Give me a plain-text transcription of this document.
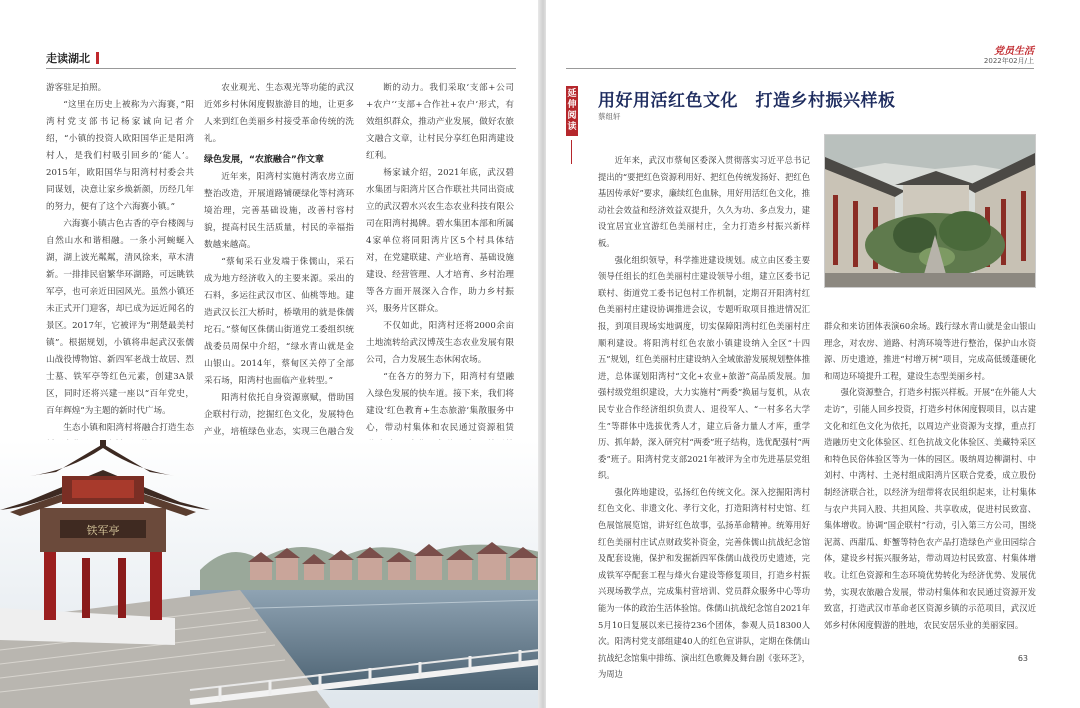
走读湖北

游客驻足拍照。

“这里在历史上被称为六海赛，”阳湾村党支部书记杨家诚向记者介绍，“小镇的投资人欧阳国华正是阳湾村人，是我们村吸引回乡的‘能人’。2015年，欧阳国华与阳湾村村委会共同谋划，决意让家乡焕新颜，历经几年的努力，便有了这个六海赛小镇。”

六海赛小镇古色古香的亭台楼阁与自然山水和谐相融。一条小河蜿蜒入湖，湖上波光粼粼，清风徐来，草木清新。一排排民宿繁华环湖路，可远眺铁军亭，也可亲近田园风光。虽然小镇还未正式开门迎客，却已成为远近闻名的景区。2017年，它被评为“荆楚最美村镇”。根据规划，小镇将串起武汉张儒山战役博物馆、新四军老战士故居、烈士墓、铁军亭等红色元素，创建3A景区，同时还将兴建一座以“百年党史，百年辉煌”为主题的新时代广场。

生态小镇和阳湾村将融合打造生态

农业观光、生态观光等功能的武汉近郊乡村休闲度假旅游目的地，让更多人来到红色美丽乡村接受革命传统的洗礼。

绿色发展，“农旅融合”作文章

近年来，阳湾村实施村湾农房立面整治改造，开展道路铺硬绿化等村湾环境治理，完善基础设施，改善村容村貌，提高村民生活质量，村民的幸福指数越来越高。

“蔡甸采石业发端于侏儒山，采石成为地方经济收入的主要来源。采出的石料，多运往武汉市区、仙桃等地。建造武汉长江大桥时，桥墩用的就是侏儒坨石。”蔡甸区侏儒山街道党工委组织统战委员周保中介绍，“绿水青山就是金山银山。2014年，蔡甸区关停了全部采石场，阳湾村也面临产业转型。”

阳湾村依托自身资源禀赋，借助国企联村行动，挖掘红色文化，发展特色产业，培植绿色业态，实现三色融合发

断的动力。我们采取‘支部+公司+农户’‘支部+合作社+农户’形式，有效组织群众，推动产业发展，做好农旅文融合文章，让村民分享红色阳湾建设红利。

杨家诚介绍，2021年底，武汉碧水集团与阳湾片区合作联社共同出资成立的武汉碧水兴农生态农业科技有限公司在阳湾村揭牌。碧水集团本部和所属4家单位将同阳湾片区5个村具体结对，在党建联建、产业培育、基础设施建设、经营管理、人才培育、乡村治理等各方面开展深入合作，助力乡村振兴，服务片区群众。

不仅如此，阳湾村还将2000余亩土地流转给武汉博茂生态农业发展有限公司，合力发展生态休闲农场。

“在各方的努力下，阳湾村有望融入绿色发展的快车道。接下来，我们将建设‘红色教育+生态旅游’集散服务中心，带动村集体和农民通过资源租赁

铁军亭
党员生活
2022年02月/上
延伸阅读
用好用活红色文化　打造乡村振兴样板
蔡组轩

近年来，武汉市蔡甸区委深入贯彻落实习近平总书记提出的“要把红色资源利用好、把红色传统发扬好、把红色基因传承好”要求，廉续红色血脉，用好用活红色文化，推动社会效益和经济效益双提升，久久为功、多点发力，建设宜居宜业宜游红色美丽村庄，全力打造乡村振兴新样板。

强化组织领导，科学推进建设规划。成立由区委主要领导任组长的红色美丽村庄建设领导小组，建立区委书记联村、街道党工委书记包村工作机制，定期召开阳湾村红色美丽村庄建设协调推进会议，专题听取项目推进情况汇报，到项目现场实地调度，切实保障阳湾村红色美丽村庄顺利建设。将阳湾村红色农旅小镇建设纳入全区“十四五”规划，红色美丽村庄建设纳入全域旅游发展规划整体推进，总体谋划阳湾村“文化+农业+旅游”高品质发展。加强村级党组织建设，大力实施村“两委”换届与复机，从农民专业合作经济组织负责人、退役军人、“一村多名大学生”等群体中选拔优秀人才，建立后备力量人才库，重学历、抓年龄，深入研究村“两委”班子结构，选优配强村“两委”班子。阳湾村党支部2021年被评为全市先进基层党组织。

强化阵地建设，弘扬红色传统文化。深入挖掘阳湾村红色文化、非遗文化、孝行文化，打造阳湾村村史馆、红色展馆展览馆，讲好红色故事，弘扬革命精神。统筹用好红色美丽村庄试点财政奖补资金，完善侏儒山抗战纪念馆及配套设施，保护和发掘新四军侏儒山战役历史遗迹，完成铁军亭配套工程与烽火台建设等修复项目，打造乡村振兴现场教学点，完成集村营培训、党员群众服务中心等功能为一体的政治生活体验馆。侏儒山抗战纪念馆自2021年5月10日复展以来已接待236个团体，参观人员18300人次。阳湾村党支部组建40人的红色宣讲队，定期在侏儒山抗战纪念馆集中排练、演出红色歌舞及舞台剧《张环芝》，为周边

群众和来访团体表演60余场。践行绿水青山就是金山银山理念，对农房、道路、村湾环境等进行整治，保护山水资源、历史遗迹，推进“村增万树”项目，完成高低缓蓬硬化和周边环境提升工程，建设生态型美丽乡村。

强化资源整合，打造乡村振兴样板。开展“在外能人大走访”，引能人回乡投资，打造乡村休闲度假项目，以古建文化和红色文化为依托，以周边产业资源为支撑，重点打造融历史文化体验区、红色抗战文化体验区、美藏特采区和特色民俗体验区等为一体的园区。吸纳周边柳湖村、中刘村、中湾村、土尧村组成阳湾片区联合党委，成立股份制经济联合社，以经济为纽带将农民组织起来，让村集体与农户共同入股、共担风险、共享收成，促进村民致富、集体增收。协调“国企联村”行动，引入第三方公司，围绕泥蒿、西甜瓜、虾蟹等特色农产品打造绿色产业田园综合体，建设乡村振兴服务站，带动周边村民致富、村集体增收。让红色资源和生态环境优势转化为经济优势、发展优势，实现农旅融合发展，带动村集体和农民通过资源开发致富，打造武汉市革命老区资源乡镇的示范项目，武汉近郊乡村休闲度假游的胜地，农民安居乐业的美丽家园。

63
